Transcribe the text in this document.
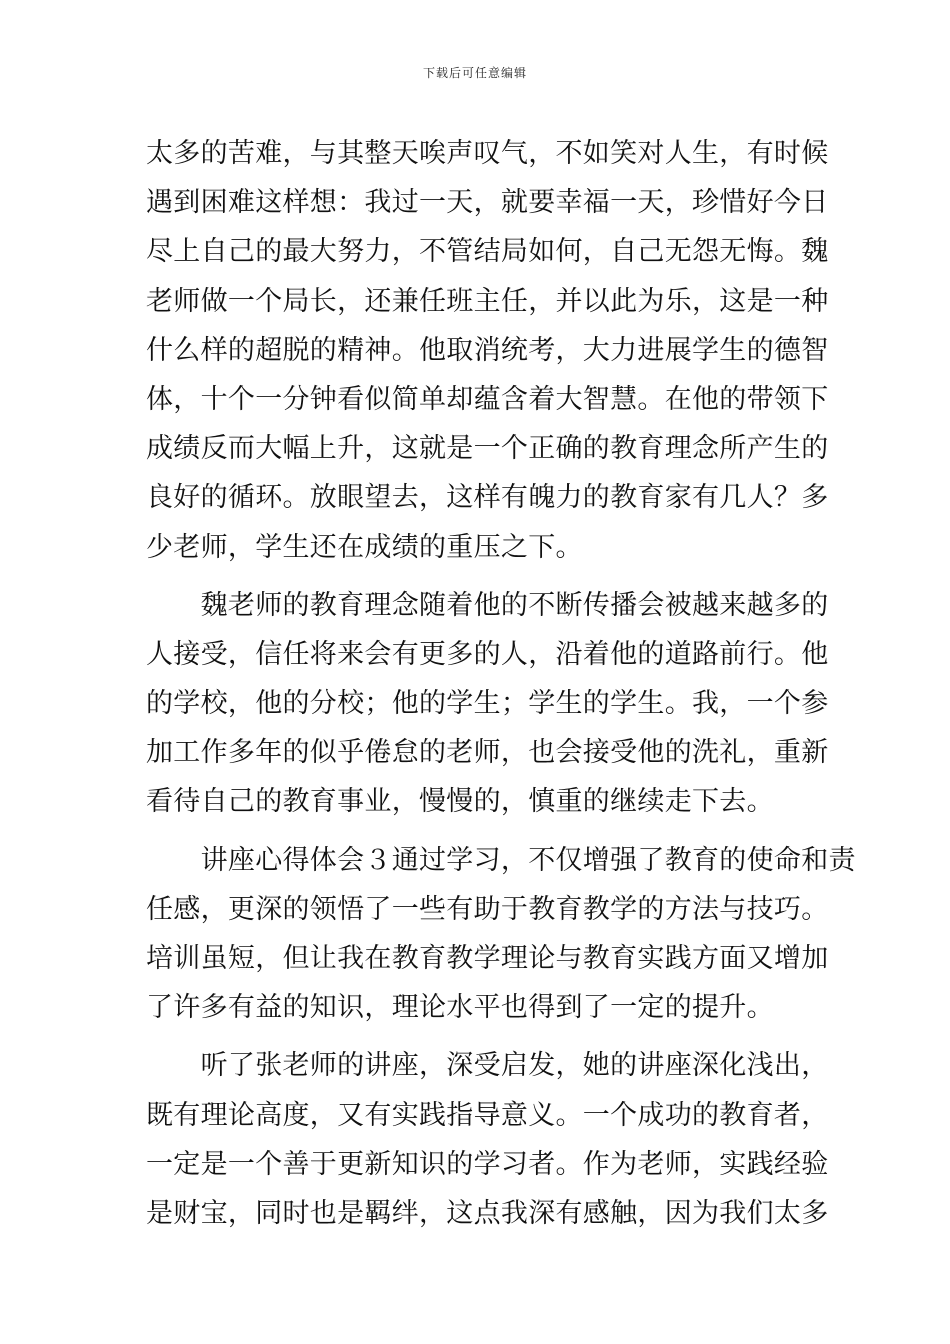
下载后可任意编辑
太多的苦难，与其整天唉声叹气，不如笑对人生，有时候
遇到困难这样想：我过一天，就要幸福一天，珍惜好今日
尽上自己的最大努力，不管结局如何，自己无怨无悔。魏
老师做一个局长，还兼任班主任，并以此为乐，这是一种
什么样的超脱的精神。他取消统考，大力进展学生的德智
体，十个一分钟看似简单却蕴含着大智慧。在他的带领下
成绩反而大幅上升，这就是一个正确的教育理念所产生的
良好的循环。放眼望去，这样有魄力的教育家有几人？多
少老师，学生还在成绩的重压之下。
　　魏老师的教育理念随着他的不断传播会被越来越多的
人接受，信任将来会有更多的人，沿着他的道路前行。他
的学校，他的分校；他的学生；学生的学生。我，一个参
加工作多年的似乎倦怠的老师，也会接受他的洗礼，重新
看待自己的教育事业，慢慢的，慎重的继续走下去。
　　讲座心得体会３通过学习，不仅增强了教育的使命和责
任感，更深的领悟了一些有助于教育教学的方法与技巧。
培训虽短，但让我在教育教学理论与教育实践方面又增加
了许多有益的知识，理论水平也得到了一定的提升。
　　听了张老师的讲座，深受启发，她的讲座深化浅出，
既有理论高度，又有实践指导意义。一个成功的教育者，
一定是一个善于更新知识的学习者。作为老师，实践经验
是财宝，同时也是羁绊，这点我深有感触，因为我们太多
